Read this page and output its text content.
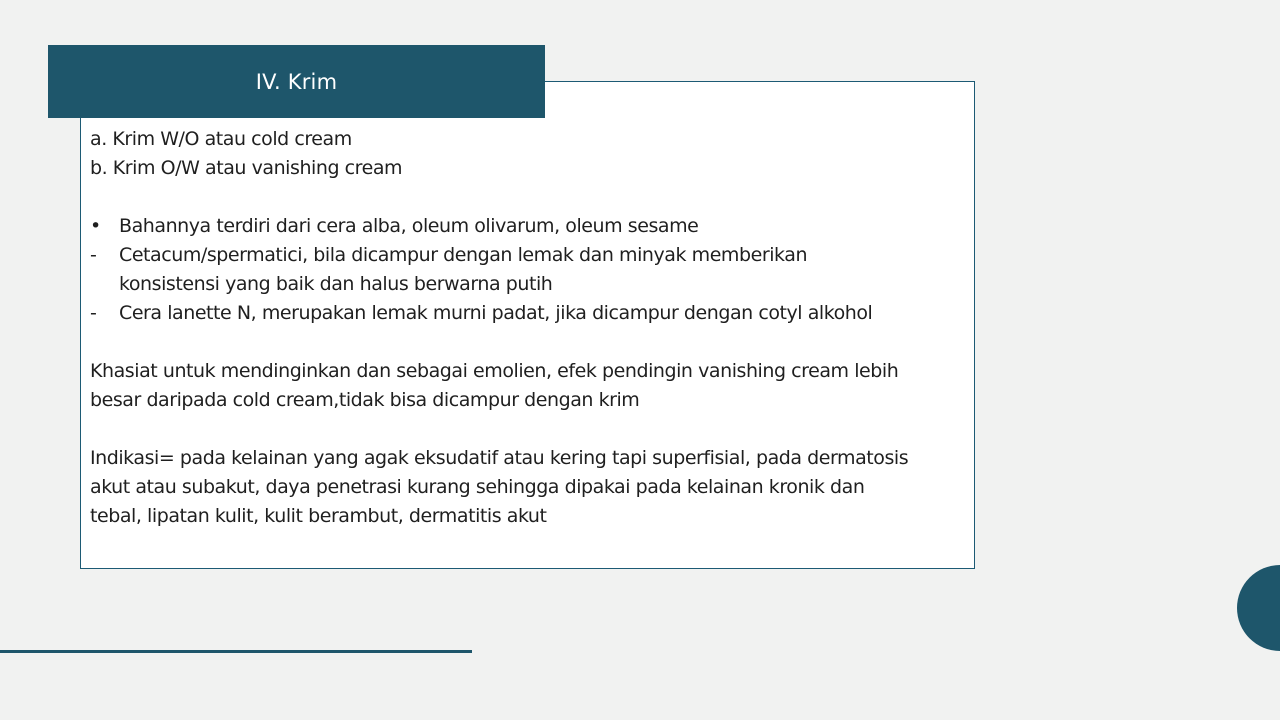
IV. Krim
a. Krim W/O atau cold cream
b. Krim O/W atau vanishing cream
• Bahannya terdiri dari cera alba, oleum olivarum, oleum sesame
-	Cetacum/spermatici, bila dicampur dengan lemak dan minyak memberikan
konsistensi yang baik dan halus berwarna putih
-	Cera lanette N, merupakan lemak murni padat, jika dicampur dengan cotyl alkohol
Khasiat untuk mendinginkan dan sebagai emolien, efek pendingin vanishing cream lebih
besar daripada cold cream,tidak bisa dicampur dengan krim
Indikasi= pada kelainan yang agak eksudatif atau kering tapi superfisial, pada dermatosis
akut atau subakut, daya penetrasi kurang sehingga dipakai pada kelainan kronik dan
tebal, lipatan kulit, kulit berambut, dermatitis akut
